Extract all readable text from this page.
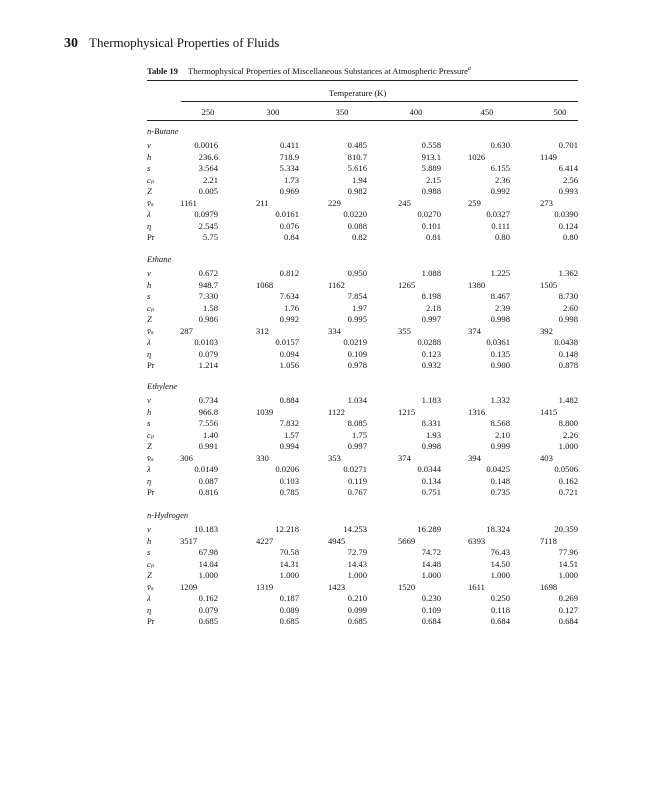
30 Thermophysical Properties of Fluids
Table 19 Thermophysical Properties of Miscellaneous Substances at Atmospheric Pressure$^a$
Temperature (K)
250	300	350	400	450	500
n-Butane
v	0.0016	0.411	0.485	0.558	0.630	0.701
h	236.6	718.9	810.7	913.1	1026	1149
s	3.564	5.334	5.616	5.889	6.155	6.414
cₚ	2.21	1.73	1.94	2.15	2.36	2.56
Z	0.005	0.969	0.982	0.988	0.992	0.993
v̄ₛ	1161	211	229	245	259	273
λ	0.0979	0.0161	0.0220	0.0270	0.0327	0.0390
η	2.545	0.076	0.088	0.101	0.111	0.124
Pr	5.75	0.84	0.82	0.81	0.80	0.80
Ethane
v	0.672	0.812	0.950	1.088	1.225	1.362
h	948.7	1068	1162	1265	1380	1505
s	7.330	7.634	7.854	8.198	8.467	8.730
cₚ	1.58	1.76	1.97	2.18	2.39	2.60
Z	0.986	0.992	0.995	0.997	0.998	0.998
v̄ₛ	287	312	334	355	374	392
λ	0.0103	0.0157	0.0219	0.0288	0.0361	0.0438
η	0.079	0.094	0.109	0.123	0.135	0.148
Pr	1.214	1.056	0.978	0.932	0.900	0.878
Ethylene
v	0.734	0.884	1.034	1.183	1.332	1.482
h	966.8	1039	1122	1215	1316	1415
s	7.556	7.832	8.085	8.331	8.568	8.800
cₚ	1.40	1.57	1.75	1.93	2.10	2.26
Z	0.991	0.994	0.997	0.998	0.999	1.000
v̄ₛ	306	330	353	374	394	403
λ	0.0149	0.0206	0.0271	0.0344	0.0425	0.0506
η	0.087	0.103	0.119	0.134	0.148	0.162
Pr	0.816	0.785	0.767	0.751	0.735	0.721
n-Hydrogen
v	10.183	12.218	14.253	16.289	18.324	20.359
h	3517	4227	4945	5669	6393	7118
s	67.98	70.58	72.79	74.72	76.43	77.96
cₚ	14.04	14.31	14.43	14.48	14.50	14.51
Z	1.000	1.000	1.000	1.000	1.000	1.000
v̄ₛ	1209	1319	1423	1520	1611	1698
λ	0.162	0.187	0.210	0.230	0.250	0.269
η	0.079	0.089	0.099	0.109	0.118	0.127
Pr	0.685	0.685	0.685	0.684	0.684	0.684
